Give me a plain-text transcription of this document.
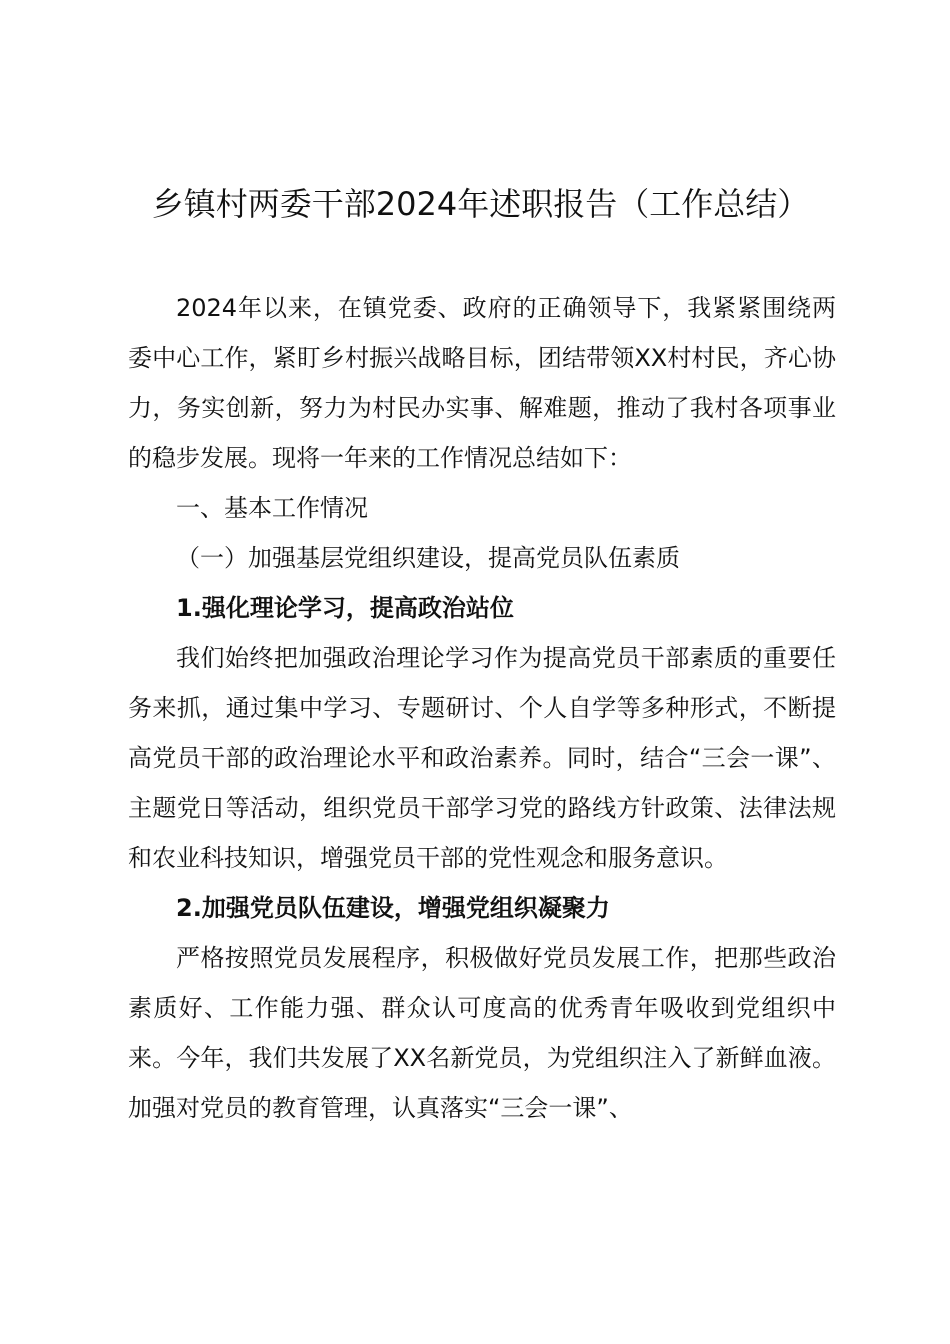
乡镇村两委干部2024年述职报告（工作总结）

2024年以来，在镇党委、政府的正确领导下，我紧紧围绕两委中心工作，紧盯乡村振兴战略目标，团结带领XX村村民，齐心协力，务实创新，努力为村民办实事、解难题，推动了我村各项事业的稳步发展。现将一年来的工作情况总结如下：

一、基本工作情况

（一）加强基层党组织建设，提高党员队伍素质

1.强化理论学习，提高政治站位

我们始终把加强政治理论学习作为提高党员干部素质的重要任务来抓，通过集中学习、专题研讨、个人自学等多种形式，不断提高党员干部的政治理论水平和政治素养。同时，结合“三会一课”、主题党日等活动，组织党员干部学习党的路线方针政策、法律法规和农业科技知识，增强党员干部的党性观念和服务意识。

2.加强党员队伍建设，增强党组织凝聚力

严格按照党员发展程序，积极做好党员发展工作，把那些政治素质好、工作能力强、群众认可度高的优秀青年吸收到党组织中来。今年，我们共发展了XX名新党员，为党组织注入了新鲜血液。加强对党员的教育管理，认真落实“三会一课”、
